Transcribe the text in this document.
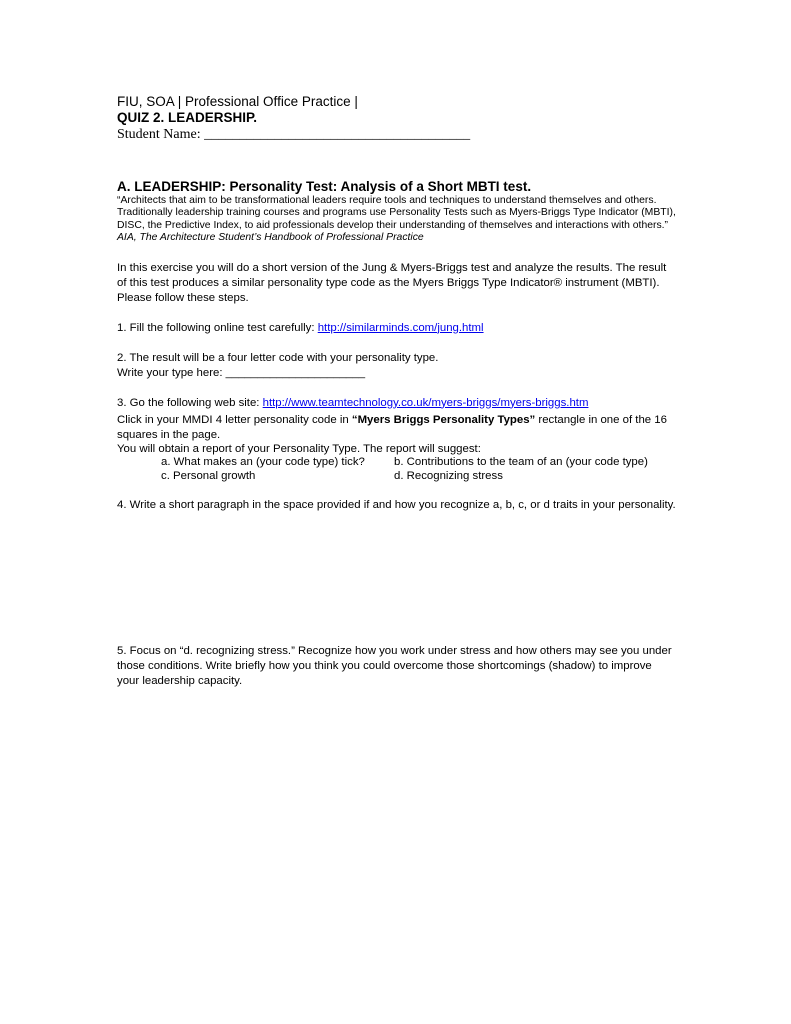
FIU, SOA | Professional Office Practice |

QUIZ 2. LEADERSHIP.

Student Name: ______________________________________

A. LEADERSHIP: Personality Test: Analysis of a Short MBTI test.

“Architects that aim to be transformational leaders require tools and techniques to understand themselves and others. Traditionally leadership training courses and programs use Personality Tests such as Myers-Briggs Type Indicator (MBTI), DISC, the Predictive Index, to aid professionals develop their understanding of themselves and interactions with others.”   AIA, The Architecture Student’s Handbook of Professional Practice

In this exercise you will do a short version of the Jung & Myers-Briggs test and analyze the results. The result of this test produces a similar personality type code as the Myers Briggs Type Indicator® instrument (MBTI). Please follow these steps.

1. Fill the following online test carefully: http://similarminds.com/jung.html

2. The result will be a four letter code with your personality type.
Write your type here: ______________________

3. Go the following web site: http://www.teamtechnology.co.uk/myers-briggs/myers-briggs.htm

Click in your MMDI 4 letter personality code in “Myers Briggs Personality Types” rectangle in one of the 16 squares in the page.

You will obtain a report of your Personality Type. The report will suggest:

a. What makes an (your code type) tick?	b. Contributions to the team of an (your code type)
c. Personal growth	d. Recognizing stress

4. Write a short paragraph in the space provided if and how you recognize a, b, c, or d traits in your personality.

5. Focus on “d. recognizing stress.” Recognize how you work under stress and how others may see you under those conditions. Write briefly how you think you could overcome those shortcomings (shadow) to improve your leadership capacity.
